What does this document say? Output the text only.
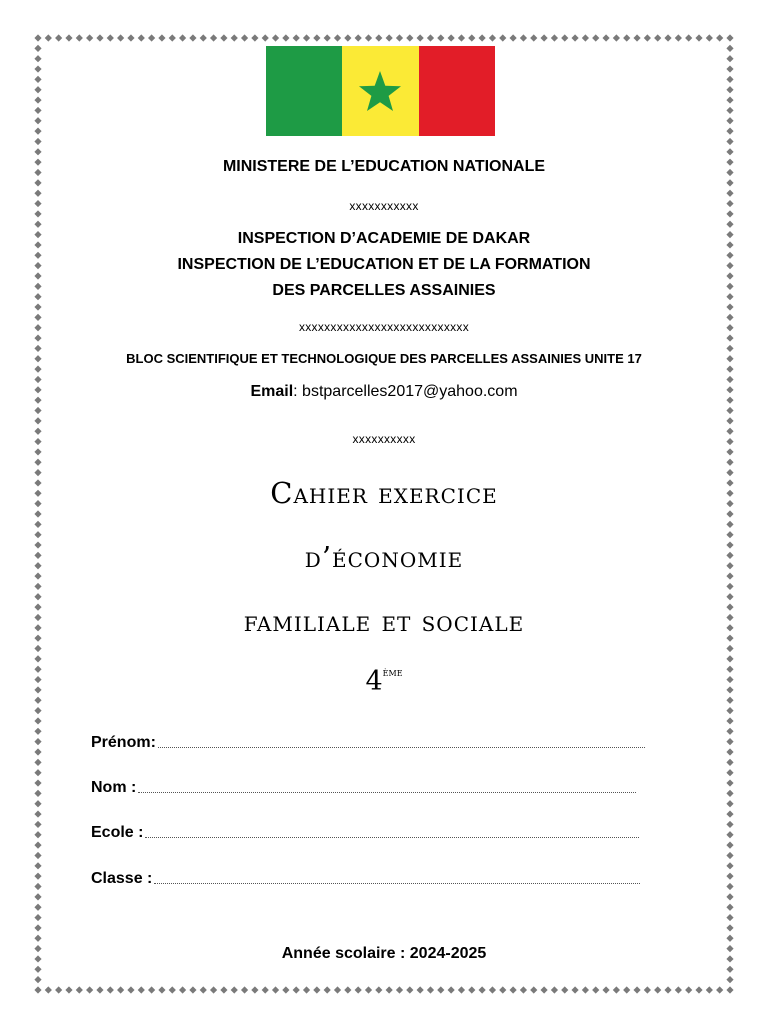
MINISTERE DE L’EDUCATION NATIONALE
xxxxxxxxxxx
INSPECTION D’ACADEMIE DE DAKAR
INSPECTION DE L’EDUCATION ET DE LA FORMATION
DES PARCELLES ASSAINIES
xxxxxxxxxxxxxxxxxxxxxxxxxxx
BLOC SCIENTIFIQUE ET TECHNOLOGIQUE DES PARCELLES ASSAINIES UNITE 17
Email: bstparcelles2017@yahoo.com
xxxxxxxxxx
Cahier exercice
d’économie
familiale et sociale
4ème
Prénom:
Nom :
Ecole :
Classe :
Année scolaire : 2024-2025
